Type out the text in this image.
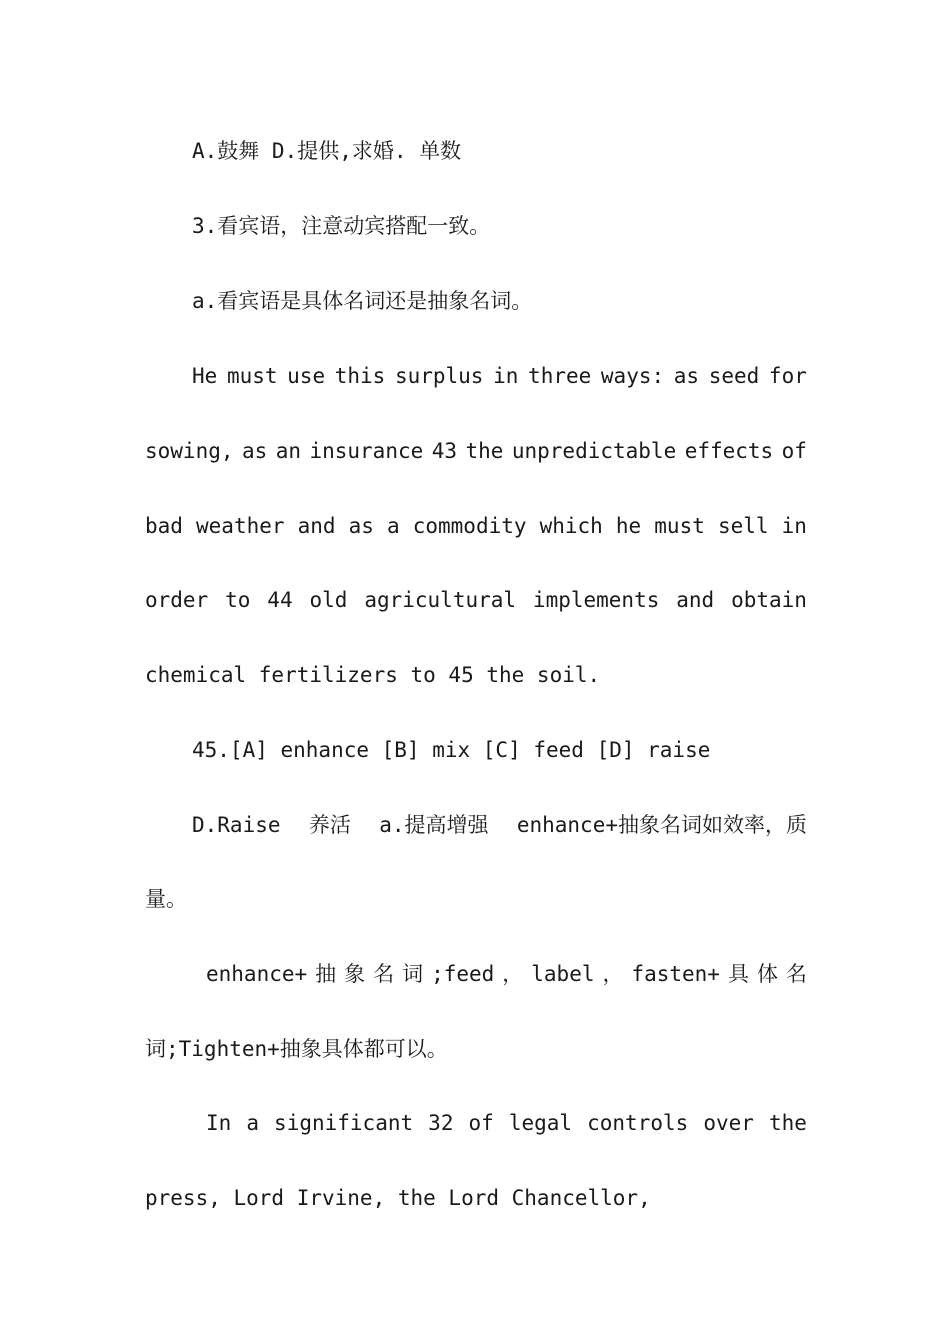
A.鼓舞 D.提供,求婚. 单数
3.看宾语，注意动宾搭配一致。
a.看宾语是具体名词还是抽象名词。
He must use this surplus in three ways: as seed for
sowing, as an insurance 43 the unpredictable effects of
bad weather and as a commodity which he must sell in
order to 44 old agricultural implements and obtain
chemical fertilizers to 45 the soil.
45.[A] enhance [B] mix [C] feed [D] raise
D.Raise 养活 a.提高增强 enhance+抽象名词如效率，质
量。
enhance+ 抽 象 名 词 ;feed ， label ， fasten+ 具 体 名
词;Tighten+抽象具体都可以。
In a significant 32 of legal controls over the
press, Lord Irvine, the Lord Chancellor,
